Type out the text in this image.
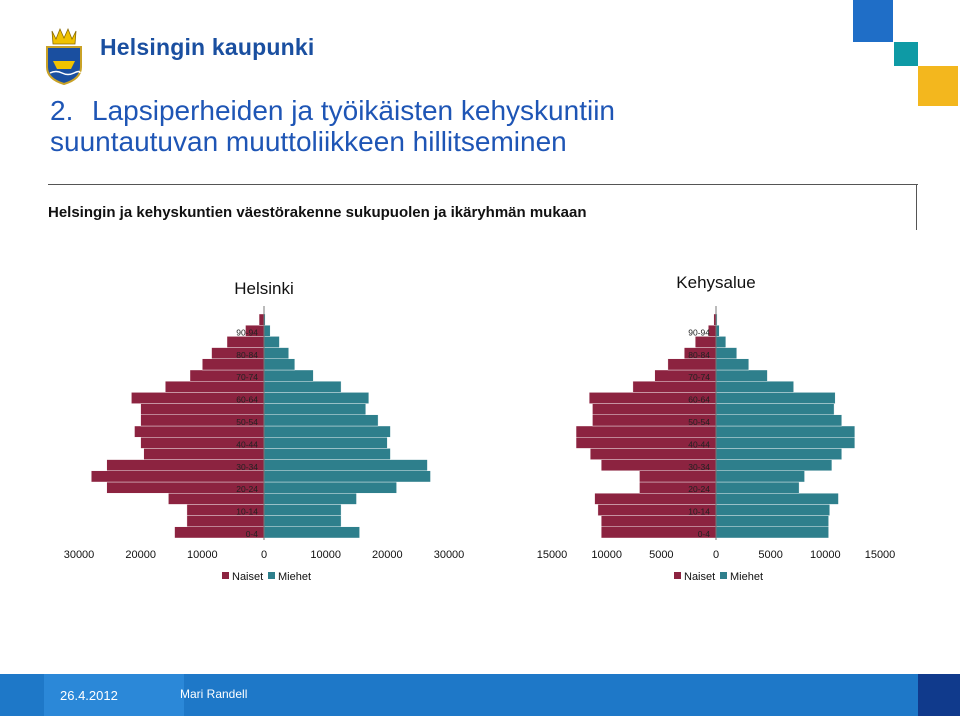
Helsingin kaupunki
2. Lapsiperheiden ja työikäisten kehyskuntiin
suuntautuvan muuttoliikkeen hillitseminen
Helsingin ja kehyskuntien väestörakenne sukupuolen ja ikäryhmän mukaan
Helsinki
0-4
10-14
20-24
30-34
40-44
50-54
60-64
70-74
80-84
90-94
30000	20000	10000	0	10000	20000	30000
Naiset Miehet
Kehysalue
0-4
10-14
20-24
30-34
40-44
50-54
60-64
70-74
80-84
90-94
15000 10000 5000	0	5000 10000 15000
Naiset Miehet
26.4.2012	Mari Randell
